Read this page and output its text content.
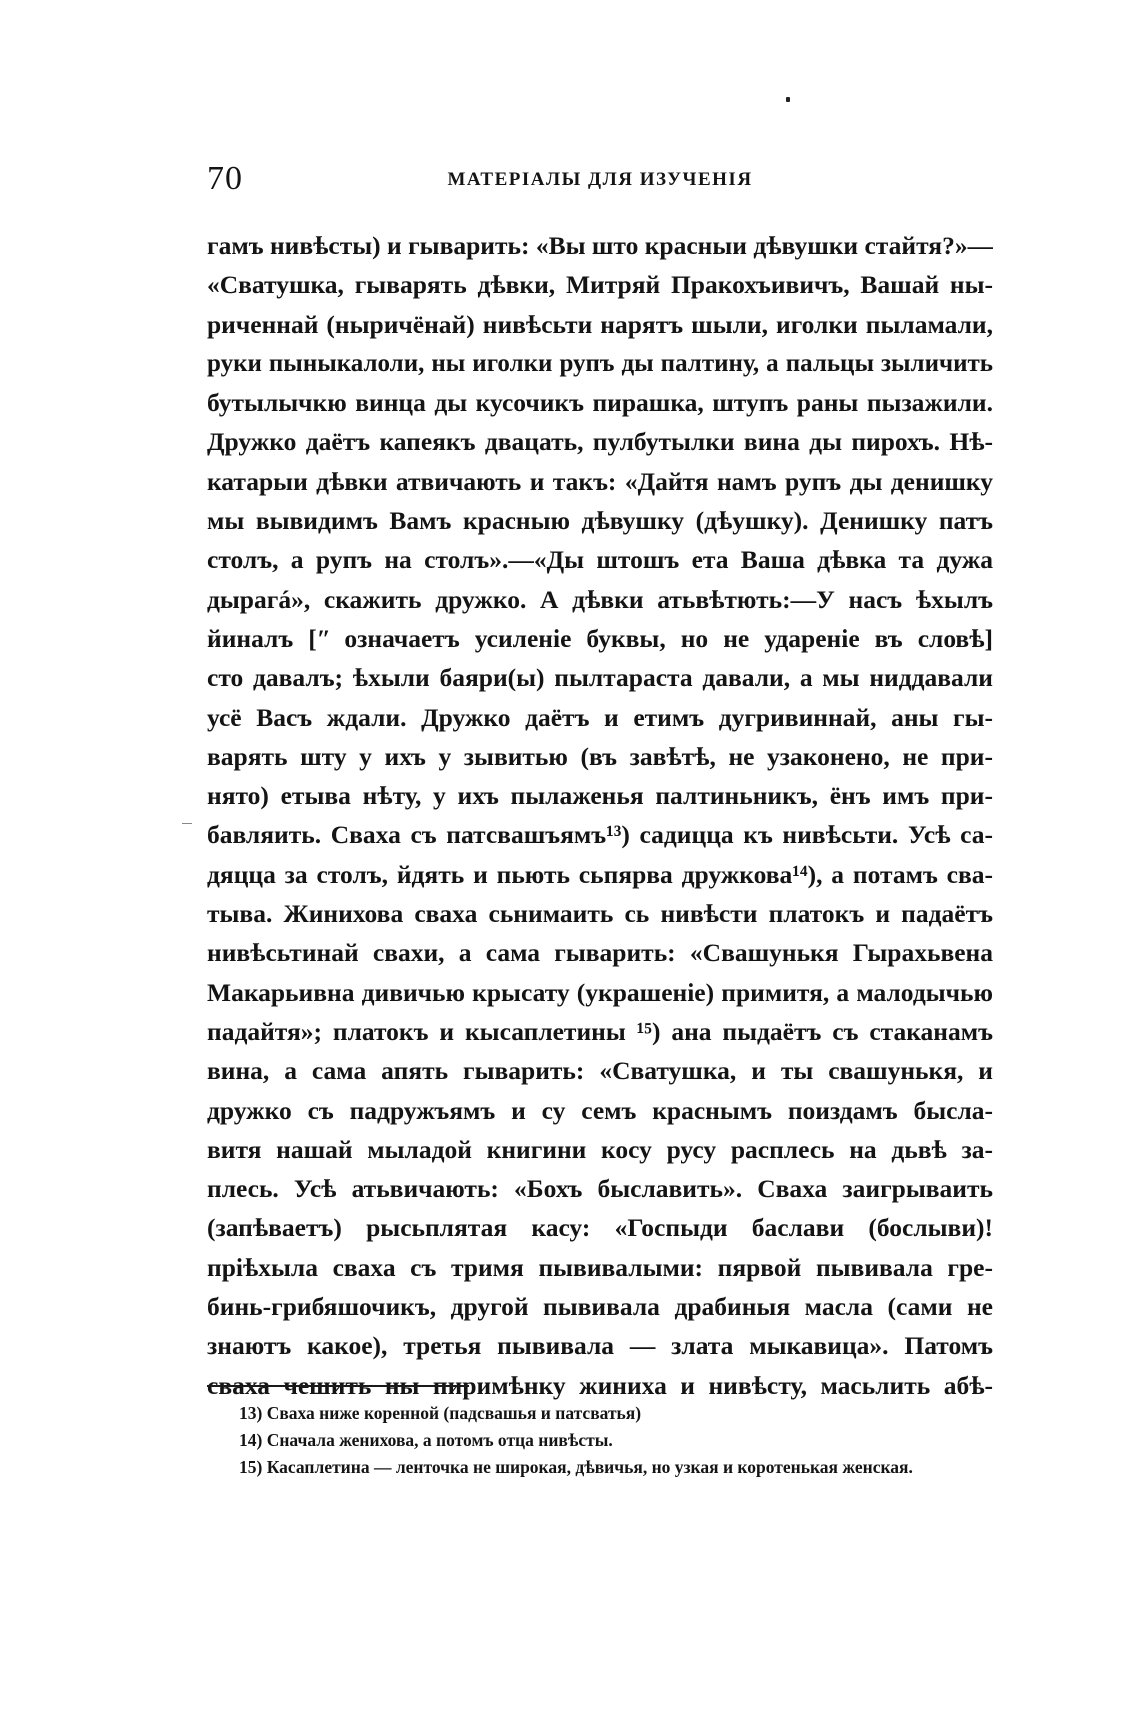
70	МАТЕРІАЛЫ ДЛЯ ИЗУЧЕНІЯ
гамъ нивѣсты) и гыварить: «Вы што красныи дѣвушки стайтя?»—
«Сватушка, гыварять дѣвки, Митряй Пракохъивичъ, Вашай ны-
риченнай (ныричёнай) нивѣсьти нарятъ шыли, иголки пыламали,
руки пыныкалоли, ны иголки рупъ ды палтину, а пальцы зыличить
бутылычкю винца ды кусочикъ пирашка, штупъ раны пызажили.
Дружко даётъ капеякъ двацать, пулбутылки вина ды пирохъ. Нѣ-
катарыи дѣвки атвичають и такъ: «Дайтя намъ рупъ ды денишку
мы вывидимъ Вамъ красныю дѣвушку (дѣушку). Денишку патъ
столъ, а рупъ на столъ».—«Ды штошъ ета Ваша дѣвка та дужа
дырагá», скажить дружко. А дѣвки атьвѣтють:—У насъ ѣхылъ
йиналъ [ʺ означаетъ усиленіе буквы, но не удареніе въ словѣ]
сто давалъ; ѣхыли баяри(ы) пылтараста давали, а мы ниддавали
усё Васъ ждали. Дружко даётъ и етимъ дугривиннай, аны гы-
варять шту у ихъ у зывитью (въ завѣтѣ, не узаконено, не при-
нято) етыва нѣту, у ихъ пылаженья палтиньникъ, ёнъ имъ при-
бавляить. Сваха съ патсвашъямъ¹³) садицца къ нивѣсьти. Усѣ са-
дяцца за столъ, йдять и пьють сьпярва дружкова¹⁴), а потамъ сва-
тыва. Жинихова сваха сьнимаить сь нивѣсти платокъ и падаётъ
нивѣсьтинай свахи, а сама гыварить: «Свашунькя Гырахьвена
Макарьивна дивичью крысату (украшеніе) примитя, а малодычью
падайтя»; платокъ и кысаплетины ¹⁵) ана пыдаётъ съ стаканамъ
вина, а сама апять гыварить: «Сватушка, и ты свашунькя, и
дружко съ падружъямъ и су семъ краснымъ поиздамъ быcла-
витя нашай мыладой книгини косу русу расплесь на дьвѣ за-
плесь. Усѣ атьвичають: «Бохъ быславить». Сваха заигрываить
(запѣваетъ) рысьплятая касу: «Госпыди баслави (бослыви)!
пріѣхыла сваха съ тримя пывивалыми: пярвой пывивала гре-
бинь-грибяшочикъ, другой пывивала драбиныя масла (сами не
знаютъ какое), третья пывивала — злата мыкавица». Патомъ
сваха чешить ны пиримѣнку жиниха и нивѣсту, масьлить абѣ-
13) Сваха ниже коренной (падсвашья и патсватья)
14) Сначала женихова, а потомъ отца нивѣсты.
15) Касаплетина — ленточка не широкая, дѣвичья, но узкая и коротенькая женская.
